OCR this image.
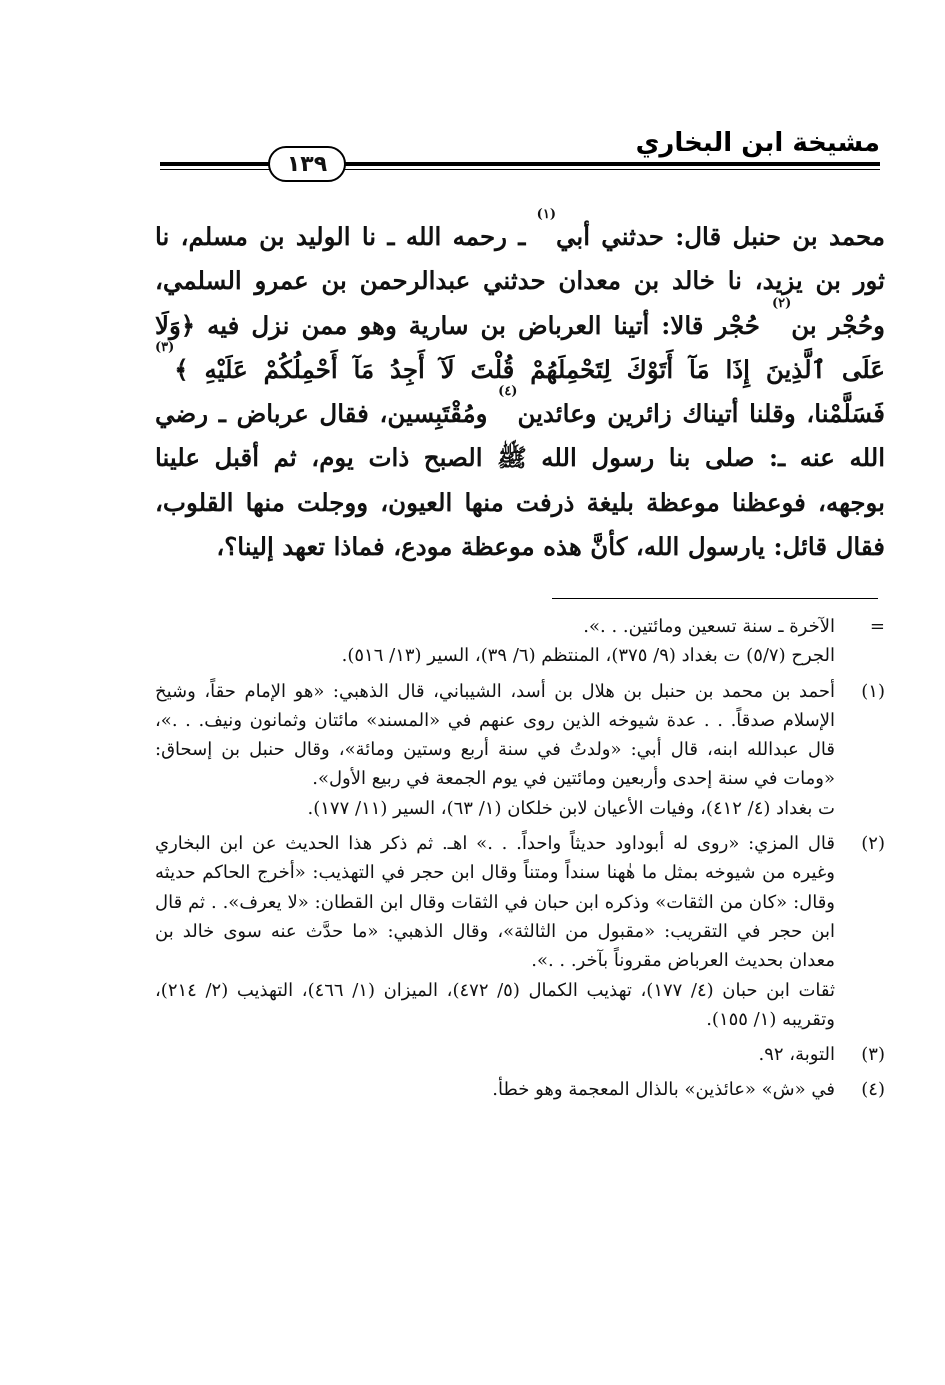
مشيخة ابن البخاري
١٣٩
محمد بن حنبل قال: حدثني أبي$^{(١)}$ ـ رحمه الله ـ نا الوليد بن مسلم، نا
ثور بن يزيد، نا خالد بن معدان حدثني عبدالرحمن بن عمرو السلمي،
وحُجْر بن$^{(٢)}$ حُجْر قالا: أتينا العرباض بن سارية وهو ممن نزل فيه ﴿وَلَا
عَلَى ٱلَّذِينَ إِذَا مَآ أَتَوْكَ لِتَحْمِلَهُمْ قُلْتَ لَآ أَجِدُ مَآ أَحْمِلُكُمْ عَلَيْهِ ﴾$^{(٣)}$
فَسَلَّمْنا، وقلنا أتيناك زائرين وعائدين$^{(٤)}$ ومُقْتَبِسين، فقال عرباض ـ رضي
الله عنه ـ: صلى بنا رسول الله ﷺ الصبح ذات يوم، ثم أقبل علينا
بوجهه، فوعظنا موعظة بليغة ذرفت منها العيون، ووجلت منها القلوب،
فقال قائل: يارسول الله، كأنَّ هذه موعظة مودع، فماذا تعهد إلينا؟،
=
الآخرة ـ سنة تسعين ومائتين. . .».
الجرح (٥/٧) ت بغداد (٩/ ٣٧٥)، المنتظم (٦/ ٣٩)، السير (١٣/ ٥١٦).
(١)
أحمد بن محمد بن حنبل بن هلال بن أسد، الشيباني، قال الذهبي: «هو الإمام حقاً، وشيخ الإسلام صدقاً. . . عدة شيوخه الذين روى عنهم في «المسند» مائتان وثمانون ونيف. . .»، قال عبدالله ابنه، قال أبي: «ولدتُ في سنة أربع وستين ومائة»، وقال حنبل بن إسحاق: «ومات في سنة إحدى وأربعين ومائتين في يوم الجمعة في ربيع الأول».
ت بغداد (٤/ ٤١٢)، وفيات الأعيان لابن خلكان (١/ ٦٣)، السير (١١/ ١٧٧).
(٢)
قال المزي: «روى له أبوداود حديثاً واحداً. . .» اهـ. ثم ذكر هذا الحديث عن ابن البخاري وغيره من شيوخه بمثل ما هٰهنا سنداً ومتناً وقال ابن حجر في التهذيب: «أخرج الحاكم حديثه وقال: «كان من الثقات» وذكره ابن حبان في الثقات وقال ابن القطان: «لا يعرف». . ثم قال ابن حجر في التقريب: «مقبول من الثالثة»، وقال الذهبي: «ما حدَّث عنه سوى خالد بن معدان بحديث العرباض مقروناً بآخر. . .».
ثقات ابن حبان (٤/ ١٧٧)، تهذيب الكمال (٥/ ٤٧٢)، الميزان (١/ ٤٦٦)، التهذيب (٢/ ٢١٤)، وتقريبه (١/ ١٥٥).
(٣)
التوبة، ٩٢.
(٤)
في «ش» «عائذين» بالذال المعجمة وهو خطأ.
